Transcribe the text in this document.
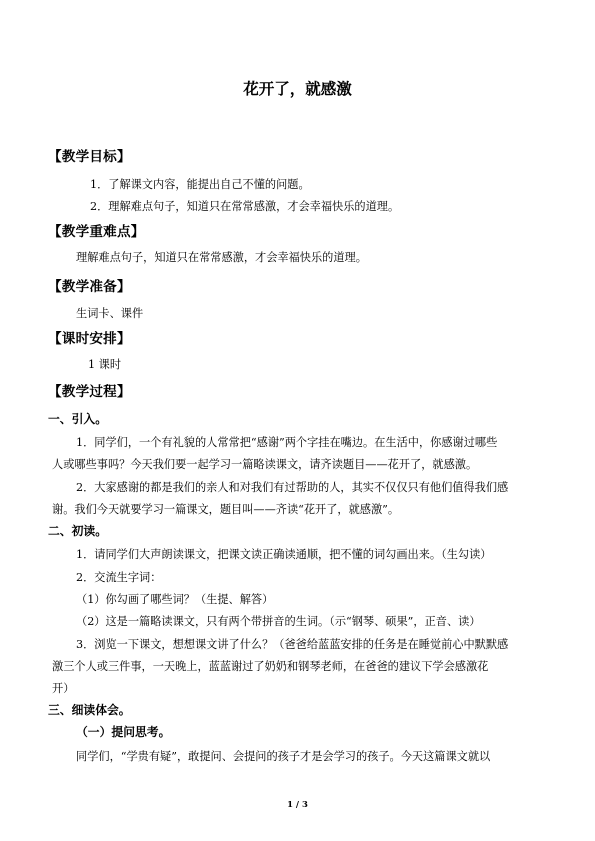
花开了，就感激
【教学目标】
1．了解课文内容，能提出自己不懂的问题。
2．理解难点句子，知道只在常常感激，才会幸福快乐的道理。
【教学重难点】
理解难点句子，知道只在常常感激，才会幸福快乐的道理。
【教学准备】
生词卡、课件
【课时安排】
1 课时
【教学过程】
一、引入。
1．同学们，一个有礼貌的人常常把“感谢”两个字挂在嘴边。在生活中，你感谢过哪些
人或哪些事吗？今天我们要一起学习一篇略读课文，请齐读题目——花开了，就感激。
2．大家感谢的都是我们的亲人和对我们有过帮助的人，其实不仅仅只有他们值得我们感
谢。我们今天就要学习一篇课文，题目叫——齐读“花开了，就感激”。
二、初读。
1．请同学们大声朗读课文，把课文读正确读通顺，把不懂的词勾画出来。（生勾读）
2．交流生字词：
（1）你勾画了哪些词？（生提、解答）
（2）这是一篇略读课文，只有两个带拼音的生词。（示“钢琴、硕果”，正音、读）
3．浏览一下课文，想想课文讲了什么？（爸爸给蓝蓝安排的任务是在睡觉前心中默默感
激三个人或三件事，一天晚上，蓝蓝谢过了奶奶和钢琴老师，在爸爸的建议下学会感激花
开）
三、细读体会。
（一）提问思考。
同学们，“学贵有疑”，敢提问、会提问的孩子才是会学习的孩子。今天这篇课文就以
1 / 3
